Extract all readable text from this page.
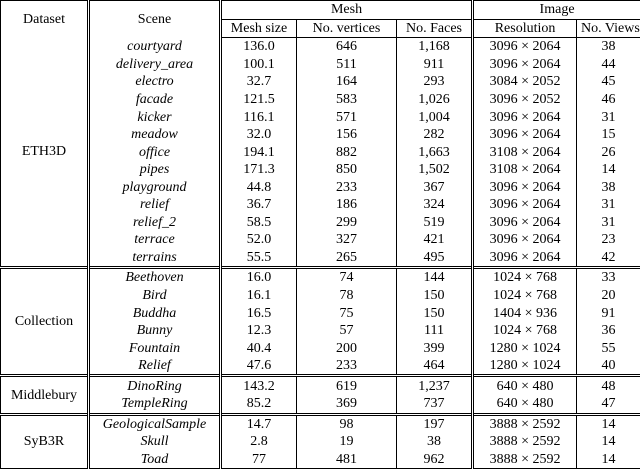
Dataset	Scene	Mesh			Image	
		Mesh size	No. vertices	No. Faces	Resolution	No. Views
ETH3D	courtyard	136.0	646	1,168	3096 × 2064	38
	delivery_area	100.1	511	911	3096 × 2064	44
	electro	32.7	164	293	3084 × 2052	45
	facade	121.5	583	1,026	3096 × 2052	46
	kicker	116.1	571	1,004	3096 × 2064	31
	meadow	32.0	156	282	3096 × 2064	15
	office	194.1	882	1,663	3108 × 2064	26
	pipes	171.3	850	1,502	3108 × 2064	14
	playground	44.8	233	367	3096 × 2064	38
	relief	36.7	186	324	3096 × 2064	31
	relief_2	58.5	299	519	3096 × 2064	31
	terrace	52.0	327	421	3096 × 2064	23
	terrains	55.5	265	495	3096 × 2064	42
Collection	Beethoven	16.0	74	144	1024 × 768	33
	Bird	16.1	78	150	1024 × 768	20
	Buddha	16.5	75	150	1404 × 936	91
	Bunny	12.3	57	111	1024 × 768	36
	Fountain	40.4	200	399	1280 × 1024	55
	Relief	47.6	233	464	1280 × 1024	40
Middlebury	DinoRing	143.2	619	1,237	640 × 480	48
	TempleRing	85.2	369	737	640 × 480	47
SyB3R	GeologicalSample	14.7	98	197	3888 × 2592	14
	Skull	2.8	19	38	3888 × 2592	14
	Toad	77	481	962	3888 × 2592	14
